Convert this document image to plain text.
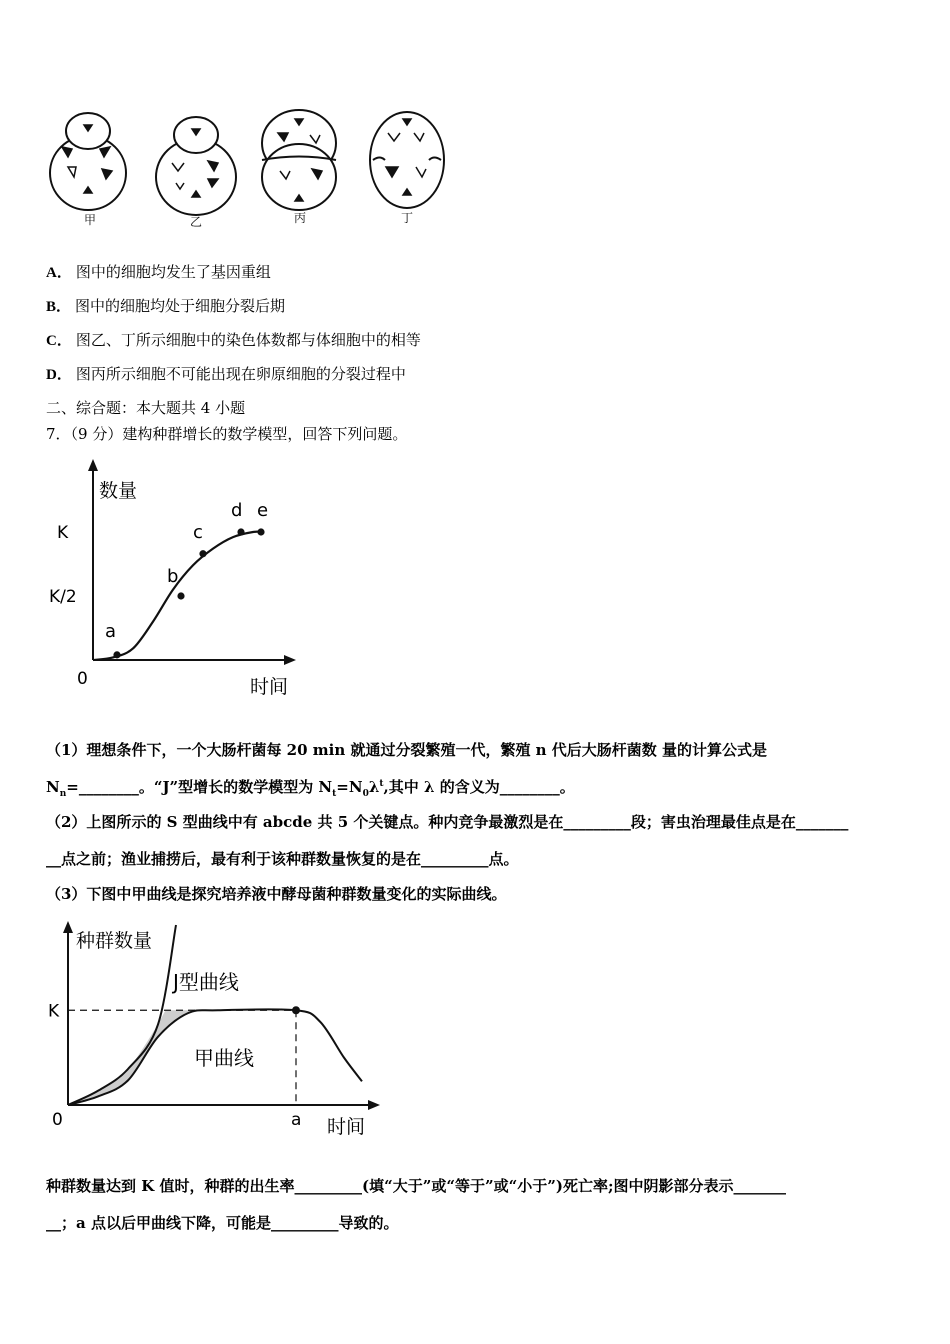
甲	乙	丙	丁
A． 图中的细胞均发生了基因重组
B． 图中的细胞均处于细胞分裂后期
C． 图乙、丁所示细胞中的染色体数都与体细胞中的相等
D． 图丙所示细胞不可能出现在卵原细胞的分裂过程中
二、综合题：本大题共 4 小题
7．（9 分）建构种群增长的数学模型，回答下列问题。
数量
时间
0
K
K/2
a
b
c
d e
（1）理想条件下，一个大肠杆菌每 20 min 就通过分裂繁殖一代，繁殖 n 代后大肠杆菌数 量的计算公式是
$N_n=\_\_\_\_\_\_\_\_$。“J”型增长的数学模型为 $N_t=N_0\lambda^t$,其中 λ 的含义为________。
（2）上图所示的 S 型曲线中有 abcde 共 5 个关键点。种内竞争最激烈是在_________段；害虫治理最佳点是在_______
__点之前；渔业捕捞后，最有利于该种群数量恢复的是在_________点。
（3）下图中甲曲线是探究培养液中酵母菌种群数量变化的实际曲线。
种群数量
时间
0
K
a
J型曲线
甲曲线
种群数量达到 K 值时，种群的出生率_________(填“大于”或“等于”或“小于”)死亡率;图中阴影部分表示_______
__；a 点以后甲曲线下降，可能是_________导致的。
